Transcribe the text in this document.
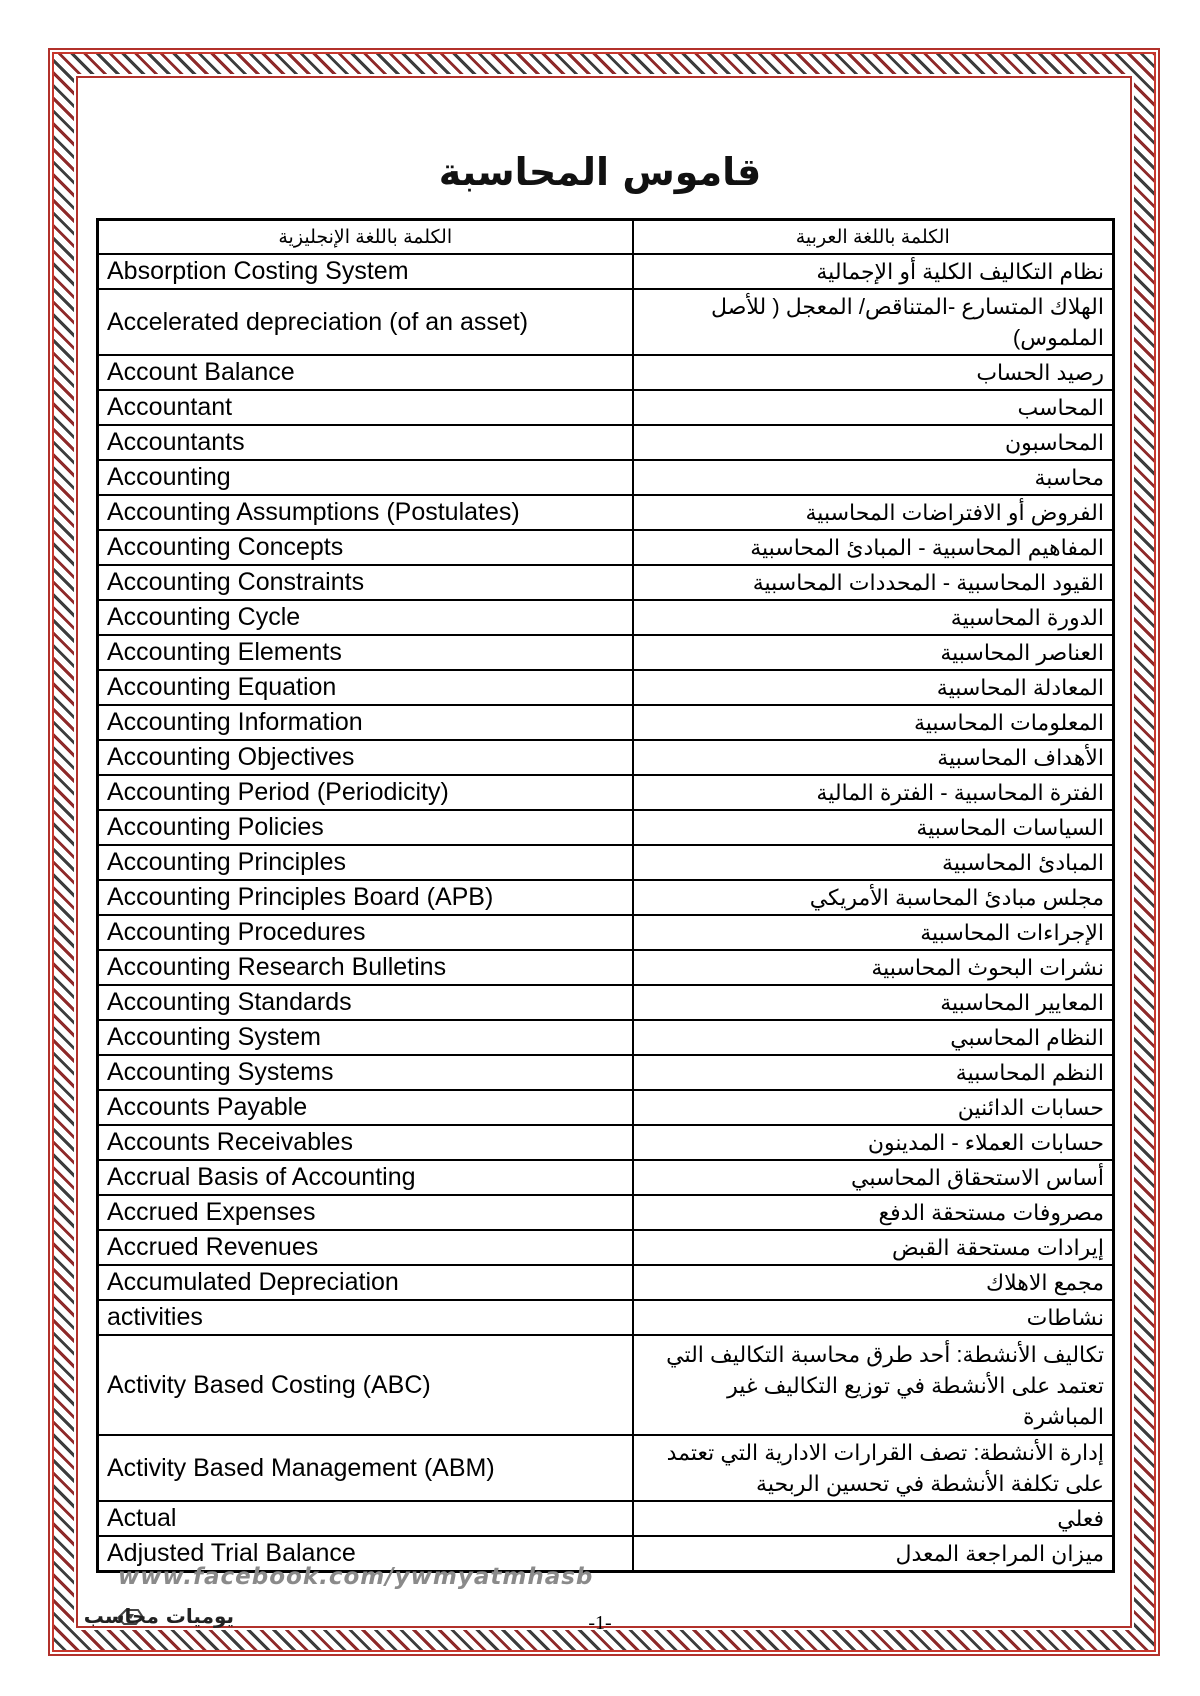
قاموس المحاسبة
الكلمة باللغة الإنجليزية	الكلمة باللغة العربية
Absorption Costing System	نظام التكاليف الكلية أو الإجمالية
Accelerated depreciation (of an asset)	الهلاك المتسارع -المتناقص/ المعجل ( للأصل الملموس)
Account Balance	رصيد الحساب
Accountant	المحاسب
Accountants	المحاسبون
Accounting	محاسبة
Accounting Assumptions (Postulates)	الفروض أو الافتراضات المحاسبية
Accounting Concepts	المفاهيم المحاسبية - المبادئ المحاسبية
Accounting Constraints	القيود المحاسبية - المحددات المحاسبية
Accounting Cycle	الدورة المحاسبية
Accounting Elements	العناصر المحاسبية
Accounting Equation	المعادلة المحاسبية
Accounting Information	المعلومات المحاسبية
Accounting Objectives	الأهداف المحاسبية
Accounting Period (Periodicity)	الفترة المحاسبية - الفترة المالية
Accounting Policies	السياسات المحاسبية
Accounting Principles	المبادئ المحاسبية
Accounting Principles Board (APB)	مجلس مبادئ المحاسبة الأمريكي
Accounting Procedures	الإجراءات المحاسبية
Accounting Research Bulletins	نشرات البحوث المحاسبية
Accounting Standards	المعايير المحاسبية
Accounting System	النظام المحاسبي
Accounting Systems	النظم المحاسبية
Accounts Payable	حسابات الدائنين
Accounts Receivables	حسابات العملاء - المدينون
Accrual Basis of Accounting	أساس الاستحقاق المحاسبي
Accrued Expenses	مصروفات مستحقة الدفع
Accrued Revenues	إيرادات مستحقة القبض
Accumulated Depreciation	مجمع الاهلاك
activities	نشاطات
Activity Based Costing (ABC)	تكاليف الأنشطة: أحد طرق محاسبة التكاليف التي تعتمد على الأنشطة في توزيع التكاليف غير المباشرة
Activity Based Management (ABM)	إدارة الأنشطة: تصف القرارات الادارية التي تعتمد على تكلفة الأنشطة في تحسين الربحية
Actual	فعلي
Adjusted Trial Balance	ميزان المراجعة المعدل
www.facebook.com/ywmyatmhasb
يوميات محاسب	-1-
